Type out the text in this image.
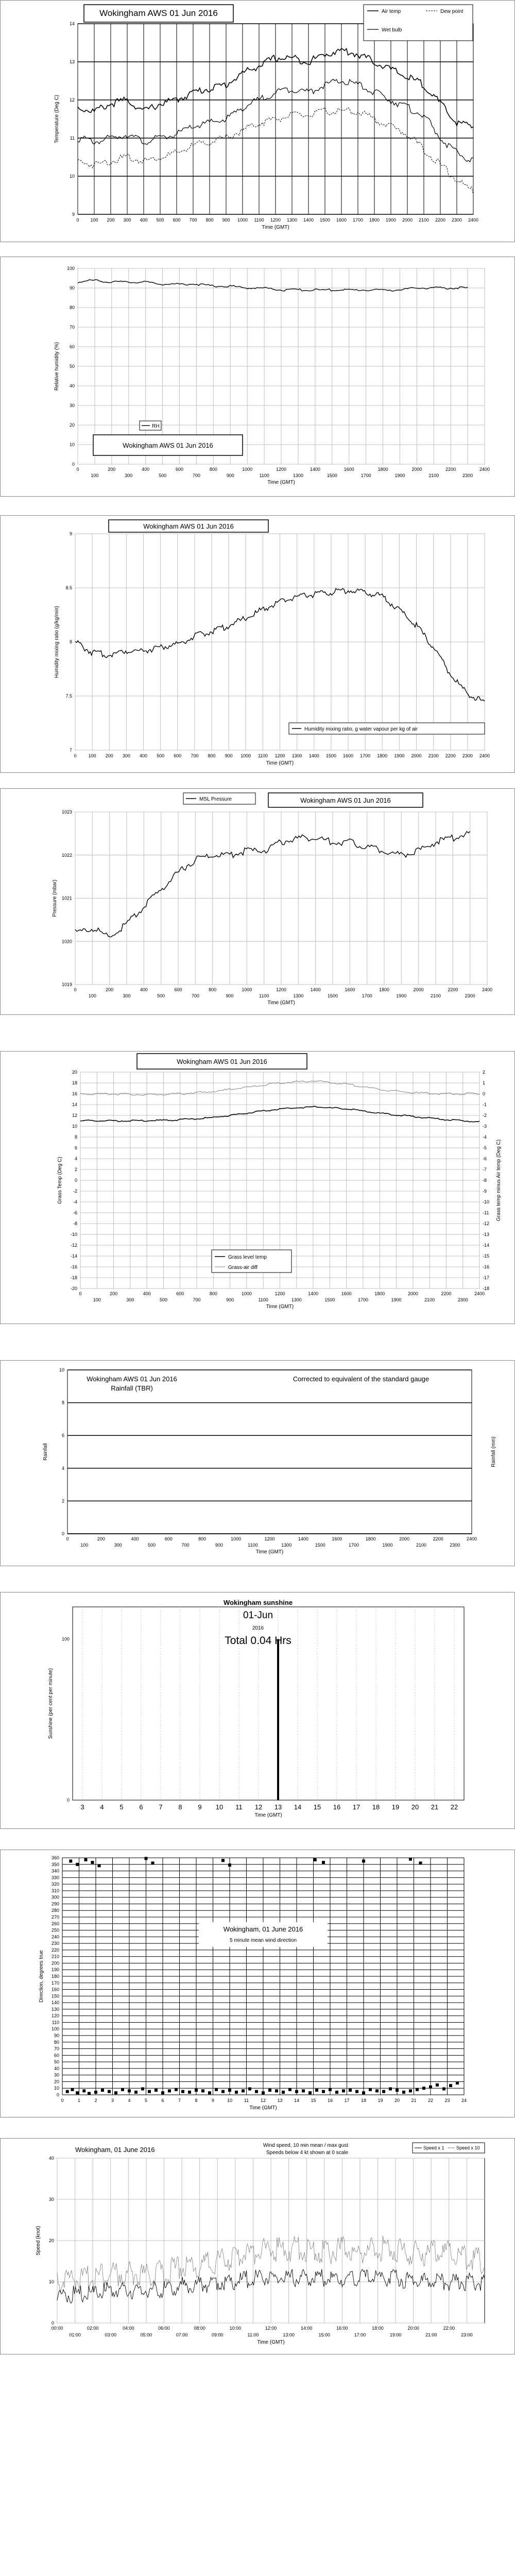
9
10
11
12
13
14
0 100 200 300 400 500 600 700 800 900 1000 1100 1200 1300 1400 1500 1600 1700 1800 1900 2000 2100 2200 2300 2400
Temperature (Deg C)
Time (GMT)
Wokingham AWS 01 Jun 2016	Air temp	Dew point
Wet bulb
0
10
20
30
40
50
60
70
80
90
100
0	200	400	600	800	1000	1200	1400	1600	1800	2000	2200	2400
100	300	500	700	900	1100	1300	1500	1700	1900	2100	2300
Relative humidity (%)
Time (GMT)
RH
Wokingham AWS 01 Jun 2016
7
7.5
8
8.5
9
0	100 200 300 400 500 600 700 800 900 1000 1100 1200 1300 1400 1500 1600 1700 1800 1900 2000 2100 2200 2300 2400
Humidity mixing ratio (g/kg/min)
Time (GMT)
Wokingham AWS 01 Jun 2016
Humidity mixing ratio, g water vapour per kg of air
1019
1020
1021
1022
1023
0	200	400	600	800	1000	1200	1400	1600	1800	2000	2200	2400
100	300	500	700	900	1100	1300	1500	1700	1900	2100	2300
Pressure (mbar)
Time (GMT)
MSL Pressure	Wokingham AWS 01 Jun 2016
-20
-18
-16
-14
-12
-10
-8
-6
-4
-2
0
2
4
6
8
10
12
14
16
18
20
0	200	400	600	800	1000	1200	1400	1600	1800	2000	2200	2400
100	300	500	700	900	1100	1300	1500	1700	1900	2100	2300
-18
-17
-16
-15
-14
-13
-12
-11
-10
-9
-8
-7
-6
-5
-4
-3
-2
-1
0
1
2
Grass Temp (Deg C)	Grass temp minus Air temp (Deg C)
Time (GMT)
Wokingham AWS 01 Jun 2016
Grass level temp
Grass-air diff
0
2
4
6
8
10
0	200	400	600	800	1000	1200	1400	1600	1800	2000	2200	2400
100	300	500	700	900	1100	1300	1500	1700	1900	2100	2300
Rainfall	Rainfall (mm)
Time (GMT)
Wokingham AWS 01 Jun 2016
Rainfall (TBR)
Corrected to equivalent of the standard gauge
0
100
3 4 5 6 7 8 9 10 11 12 13 14 15 16 17 18 19 20 21 22
Sunshine (per cent per minute)
Time (GMT)
Wokingham sunshine
01-Jun
2016
Total 0.04 Hrs
0
10
20
30
40
50
60
70
80
90
100
110
120
130
140
150
160
170
180
190
200
210
220
230
240
250
260
270
280
290
300
310
320
330
340
350
360
0	1	2	3	4	5	6	7	8	9	10	11	12 13 14 15 16 17 18 19 20 21 22 23 24
Direction, degrees true
Time (GMT)
Wokingham, 01 June 2016
5 minute mean wind direction
0
10
20
30
40
00:00	02:00	04:00	06:00	08:00	10:00	12:00	14:00	16:00	18:00	20:00	22:00
01:00	03:00	05:00	07:00	09:00	11:00	13:00	15:00	17:00	19:00	21:00	23:00
Speed (knot)
Time (GMT)
Wokingham, 01 June 2016
Wind speed, 10 min mean / max gust
Speeds below 4 kt shown at 0 scale
Speed x 1	Speed x 10
